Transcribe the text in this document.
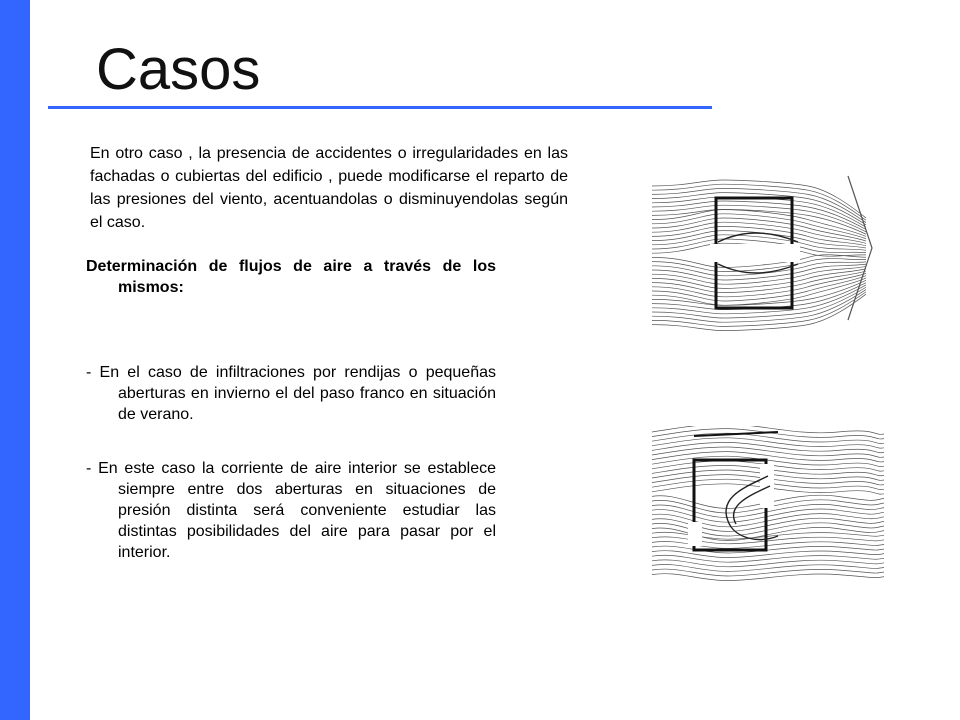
Casos
En otro caso , la presencia de accidentes o irregularidades en las fachadas o cubiertas del edificio , puede modificarse el reparto de las presiones del viento, acentuandolas o disminuyendolas según el caso.
Determinación de flujos de aire a través de los mismos:
- En el caso de infiltraciones por rendijas o pequeñas aberturas en invierno el del paso franco en situación de verano.
- En este caso la corriente de aire interior se establece siempre entre dos aberturas en situaciones de presión distinta será conveniente estudiar las distintas posibilidades del aire para pasar por el interior.
